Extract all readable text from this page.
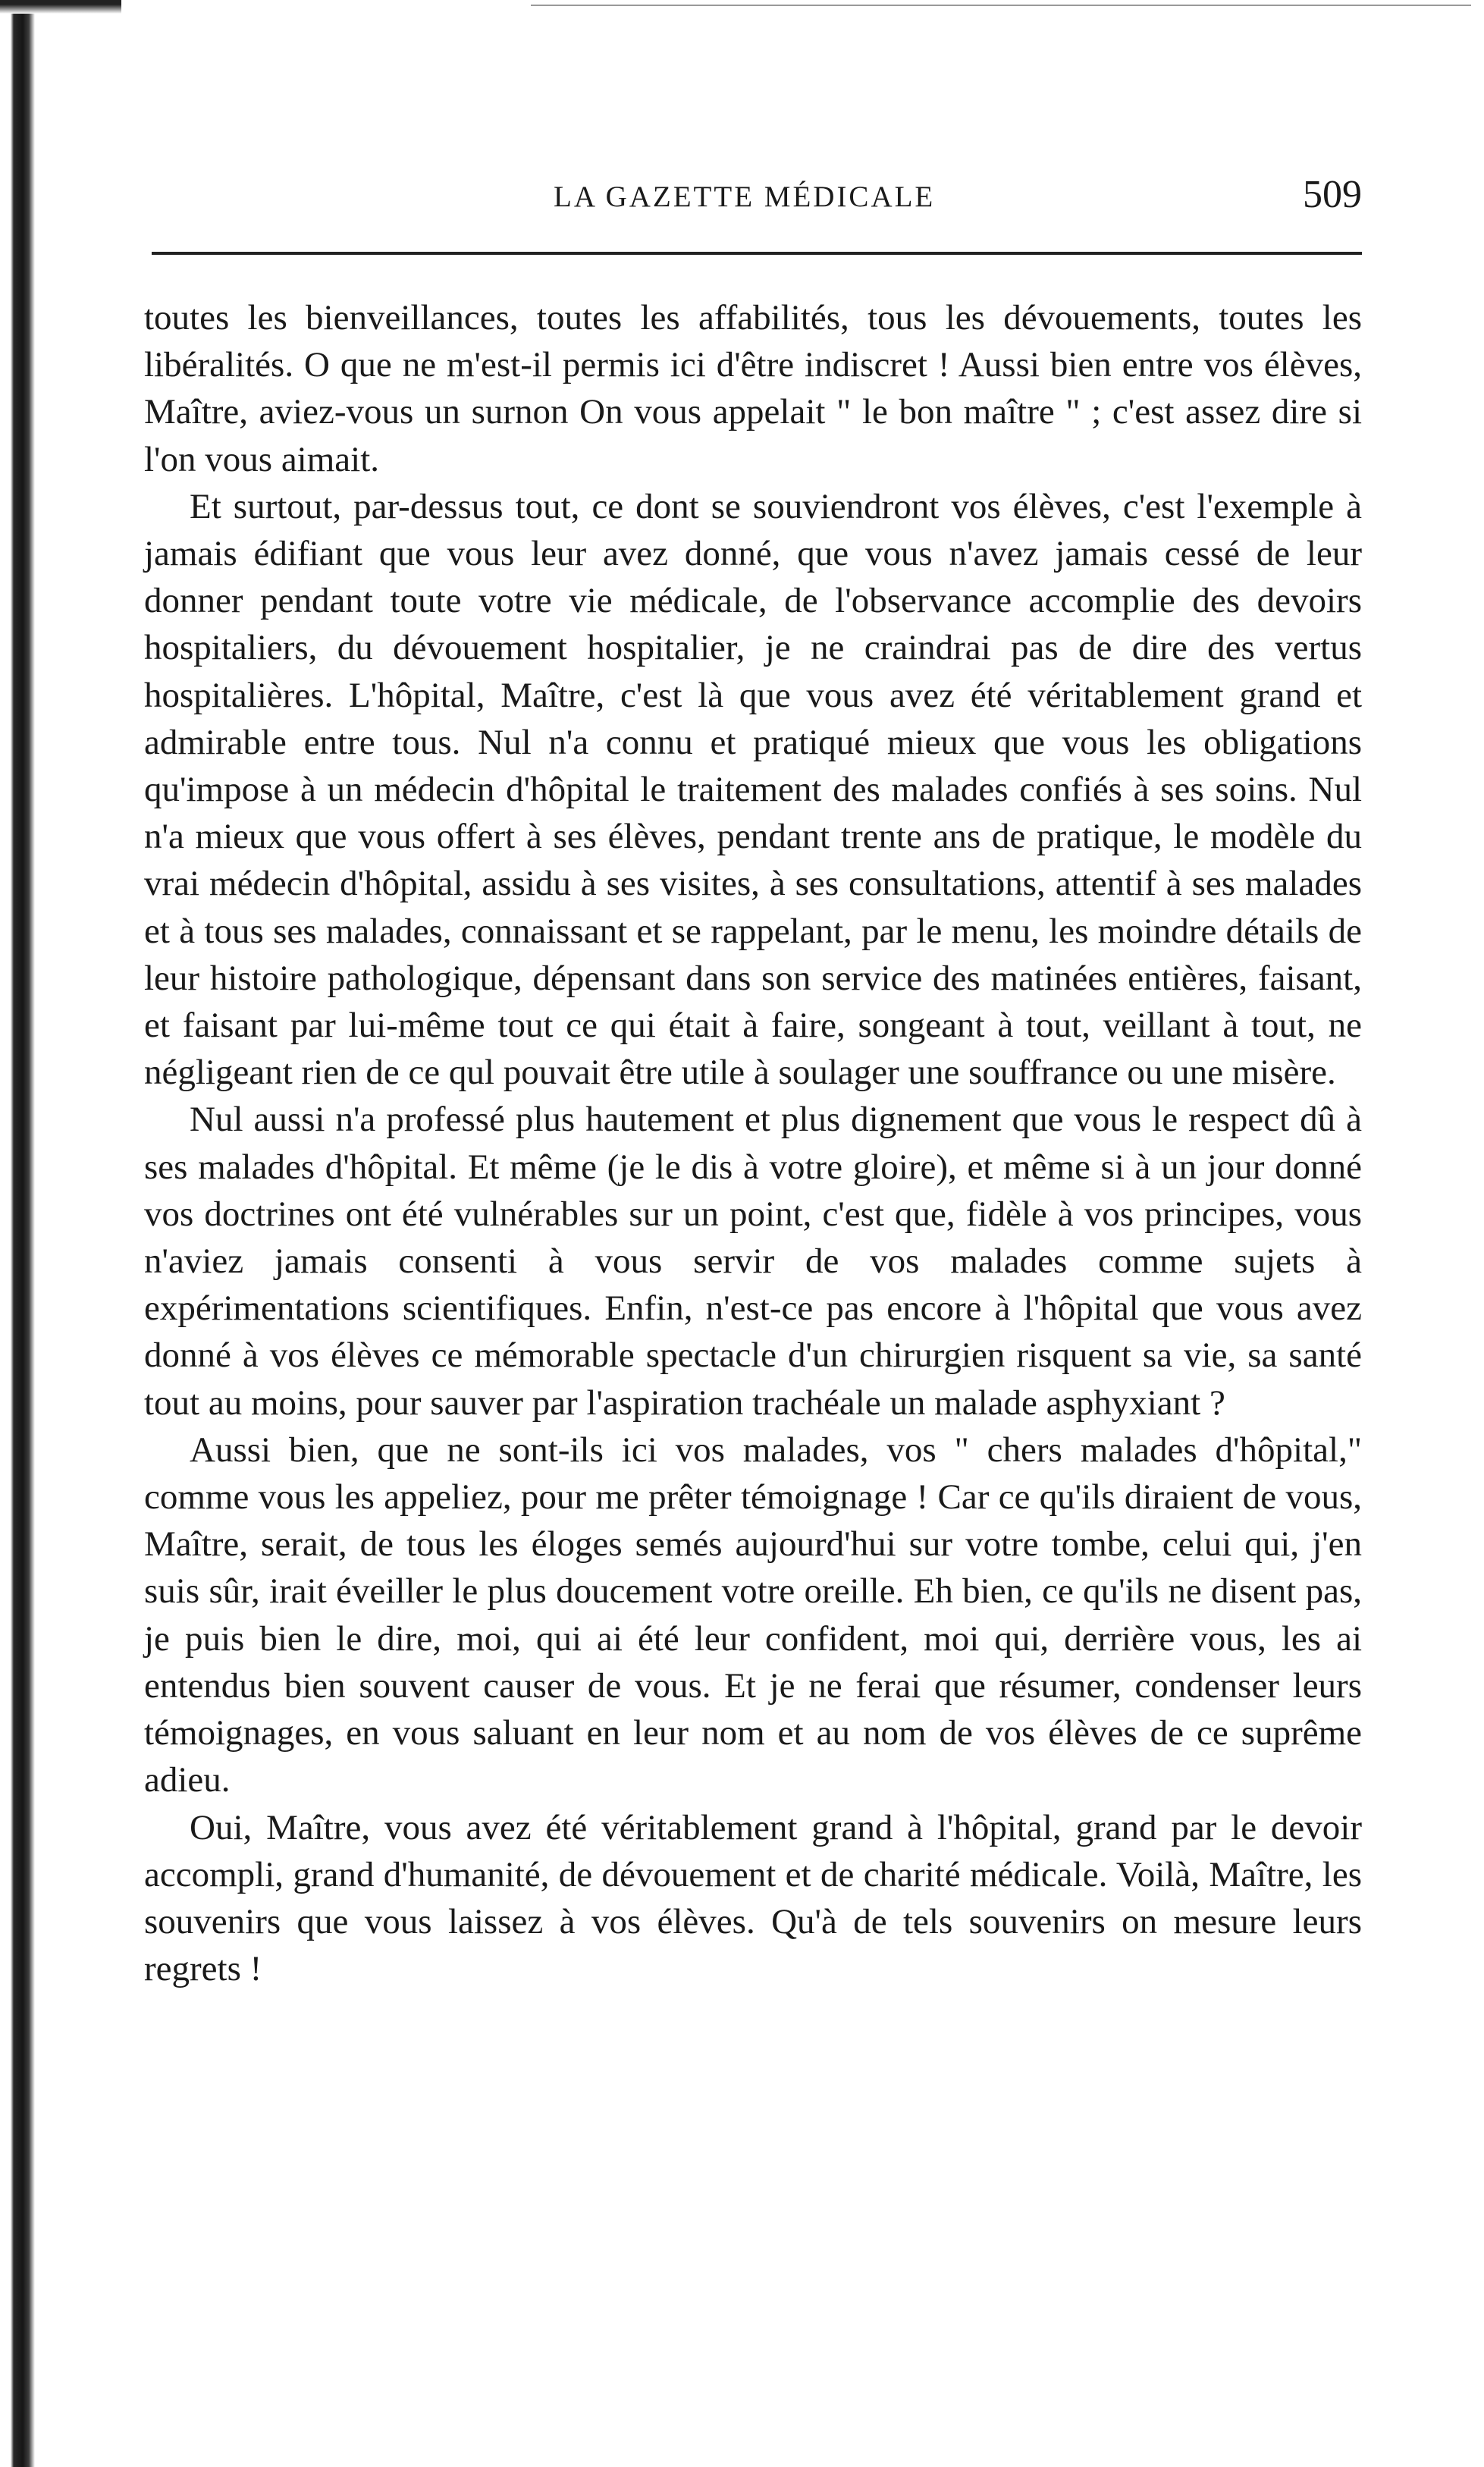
LA GAZETTE MÉDICALE	509

toutes les bienveillances, toutes les affabilités, tous les dévouements, toutes les libéralités. O que ne m'est-il permis ici d'être indiscret ! Aussi bien entre vos élèves, Maître, aviez-vous un surnon On vous appelait " le bon maître " ; c'est assez dire si l'on vous aimait.

Et surtout, par-dessus tout, ce dont se souviendront vos élèves, c'est l'exemple à jamais édifiant que vous leur avez donné, que vous n'avez jamais cessé de leur donner pendant toute votre vie médicale, de l'observance accomplie des devoirs hospitaliers, du dévouement hospitalier, je ne craindrai pas de dire des vertus hospitalières. L'hôpital, Maître, c'est là que vous avez été véritablement grand et admirable entre tous. Nul n'a connu et pratiqué mieux que vous les obligations qu'impose à un médecin d'hôpital le traitement des malades confiés à ses soins. Nul n'a mieux que vous offert à ses élèves, pendant trente ans de pratique, le modèle du vrai médecin d'hôpital, assidu à ses visites, à ses consultations, attentif à ses malades et à tous ses malades, connaissant et se rappelant, par le menu, les moindre détails de leur histoire pathologique, dépensant dans son service des matinées entières, faisant, et faisant par lui-même tout ce qui était à faire, songeant à tout, veillant à tout, ne négligeant rien de ce qul pouvait être utile à soulager une souffrance ou une misère.

Nul aussi n'a professé plus hautement et plus dignement que vous le respect dû à ses malades d'hôpital. Et même (je le dis à votre gloire), et même si à un jour donné vos doctrines ont été vulnérables sur un point, c'est que, fidèle à vos principes, vous n'aviez jamais consenti à vous servir de vos malades comme sujets à expérimentations scientifiques. Enfin, n'est-ce pas encore à l'hôpital que vous avez donné à vos élèves ce mémorable spectacle d'un chirurgien risquent sa vie, sa santé tout au moins, pour sauver par l'aspiration trachéale un malade asphyxiant ?

Aussi bien, que ne sont-ils ici vos malades, vos " chers malades d'hôpital," comme vous les appeliez, pour me prêter témoignage ! Car ce qu'ils diraient de vous, Maître, serait, de tous les éloges semés aujourd'hui sur votre tombe, celui qui, j'en suis sûr, irait éveiller le plus doucement votre oreille. Eh bien, ce qu'ils ne disent pas, je puis bien le dire, moi, qui ai été leur confident, moi qui, derrière vous, les ai entendus bien souvent causer de vous. Et je ne ferai que résumer, condenser leurs témoignages, en vous saluant en leur nom et au nom de vos élèves de ce suprême adieu.

Oui, Maître, vous avez été véritablement grand à l'hôpital, grand par le devoir accompli, grand d'humanité, de dévouement et de charité médicale. Voilà, Maître, les souvenirs que vous laissez à vos élèves. Qu'à de tels souvenirs on mesure leurs regrets !
